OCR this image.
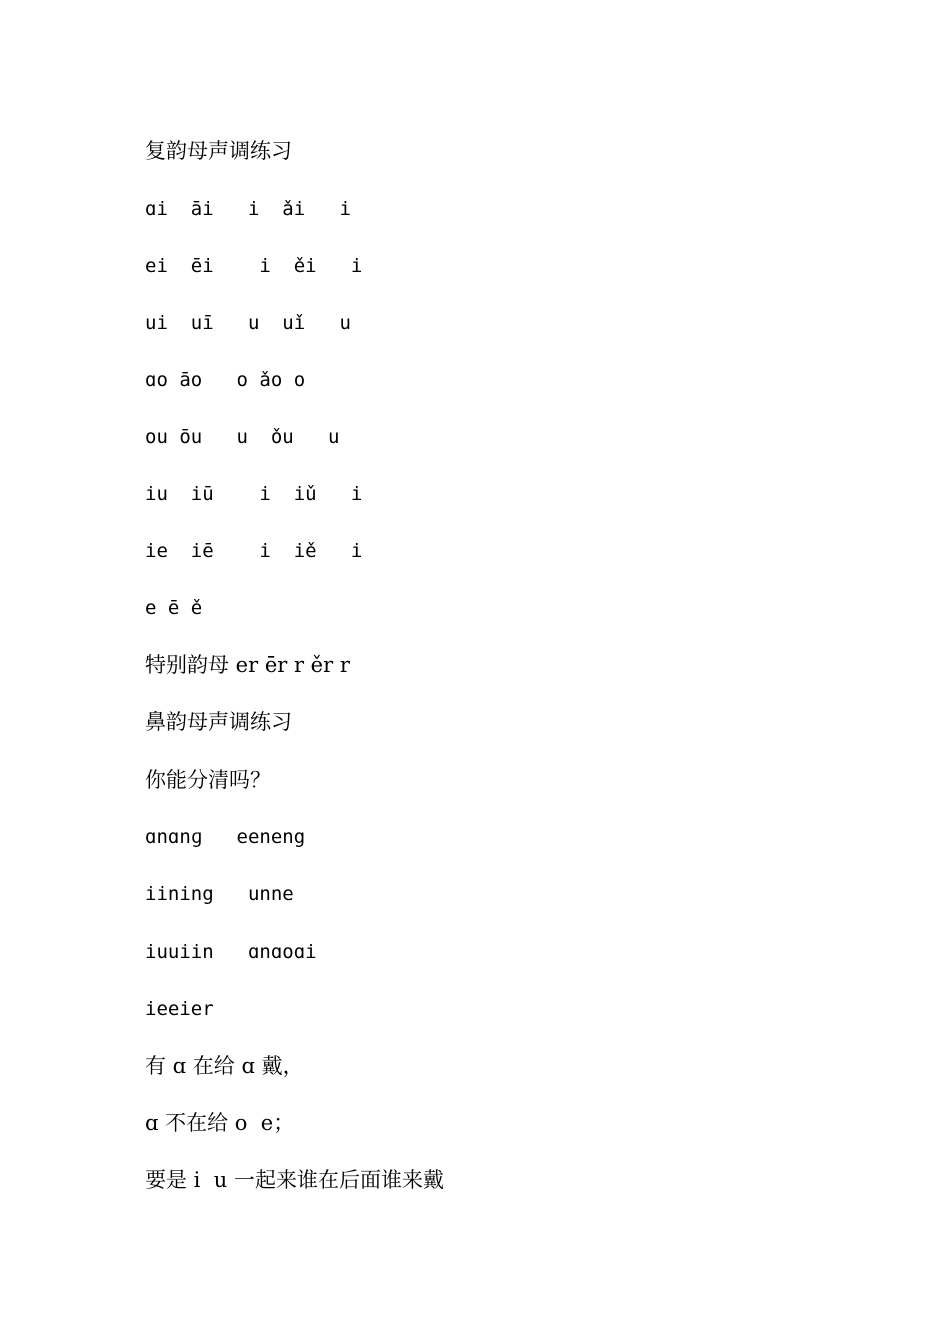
复韵母声调练习
ɑi  āi   i  ǎi   i
ei  ēi    i  ěi   i
ui  uī   u  uǐ   u
ɑo āo   o ǎo o
ou ōu   u  ǒu   u
iu  iū    i  iǔ   i
ie  iē    i  iě   i
e ē ě
特别韵母 er ēr r ěr r
鼻韵母声调练习
你能分清吗？
ɑnɑnɡ   eeneng
iining   unne
iuuiin   ɑnɑoɑi
ieeier
有 ɑ 在给 ɑ 戴，
ɑ 不在给 o  e；
要是 i  u 一起来谁在后面谁来戴
